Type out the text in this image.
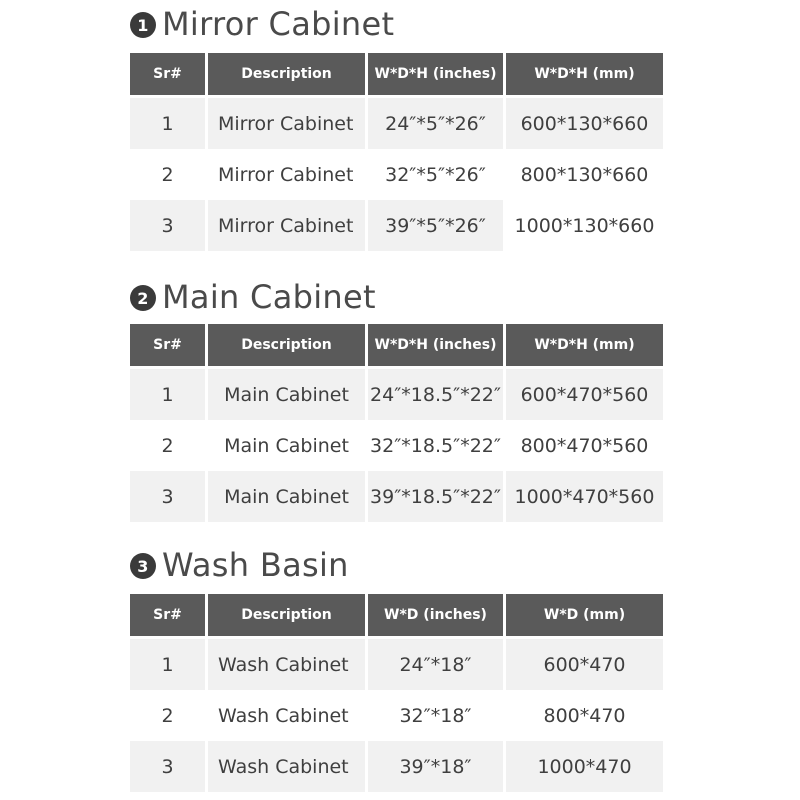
1 Mirror Cabinet
Sr#	Description	W*D*H (inches)	W*D*H (mm)
1	Mirror Cabinet	24″*5″*26″	600*130*660
2	Mirror Cabinet	32″*5″*26″	800*130*660
3	Mirror Cabinet	39″*5″*26″	1000*130*660
2 Main Cabinet
Sr#	Description	W*D*H (inches)	W*D*H (mm)
1	Main Cabinet	24″*18.5″*22″	600*470*560
2	Main Cabinet	32″*18.5″*22″	800*470*560
3	Main Cabinet	39″*18.5″*22″	1000*470*560
3 Wash Basin
Sr#	Description	W*D (inches)	W*D (mm)
1	Wash Cabinet	24″*18″	600*470
2	Wash Cabinet	32″*18″	800*470
3	Wash Cabinet	39″*18″	1000*470
